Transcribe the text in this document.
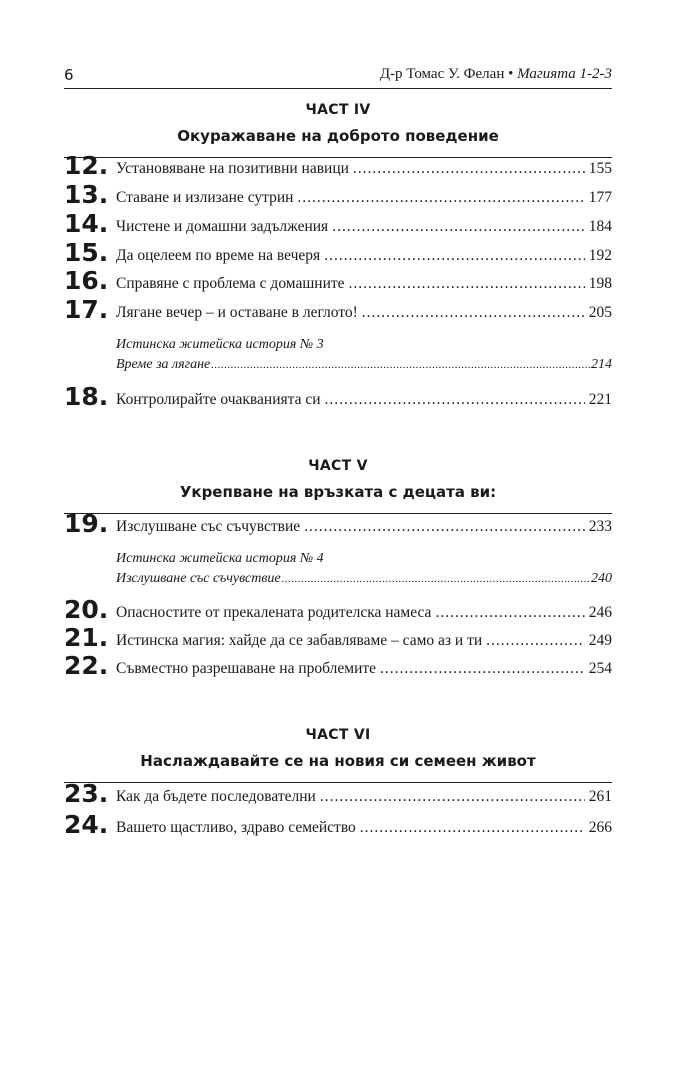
6	Д-р Томас У. Фелан • Магията 1-2-3
ЧАСТ IV
Окуражаване на доброто поведение
12. Установяване на позитивни навици .....	155
13. Ставане и излизане сутрин .....	177
14. Чистене и домашни задължения .....	184
15. Да оцелеем по време на вечеря .....	192
16. Справяне с проблема с домашните .....	198
17. Лягане вечер – и оставане в леглото! .....	205
Истинска житейска история № 3
Време за лягане .....	214
18. Контролирайте очакванията си .....	221
ЧАСТ V
Укрепване на връзката с децата ви:
19. Изслушване със съчувствие .....	233
Истинска житейска история № 4
Изслушване със съчувствие .....	240
20. Опасностите от прекалената родителска намеса .....	246
21. Истинска магия: хайде да се забавляваме – само аз и ти .....	249
22. Съвместно разрешаване на проблемите .....	254
ЧАСТ VI
Наслаждавайте се на новия си семеен живот
23. Как да бъдете последователни .....	261
24. Вашето щастливо, здраво семейство .....	266
